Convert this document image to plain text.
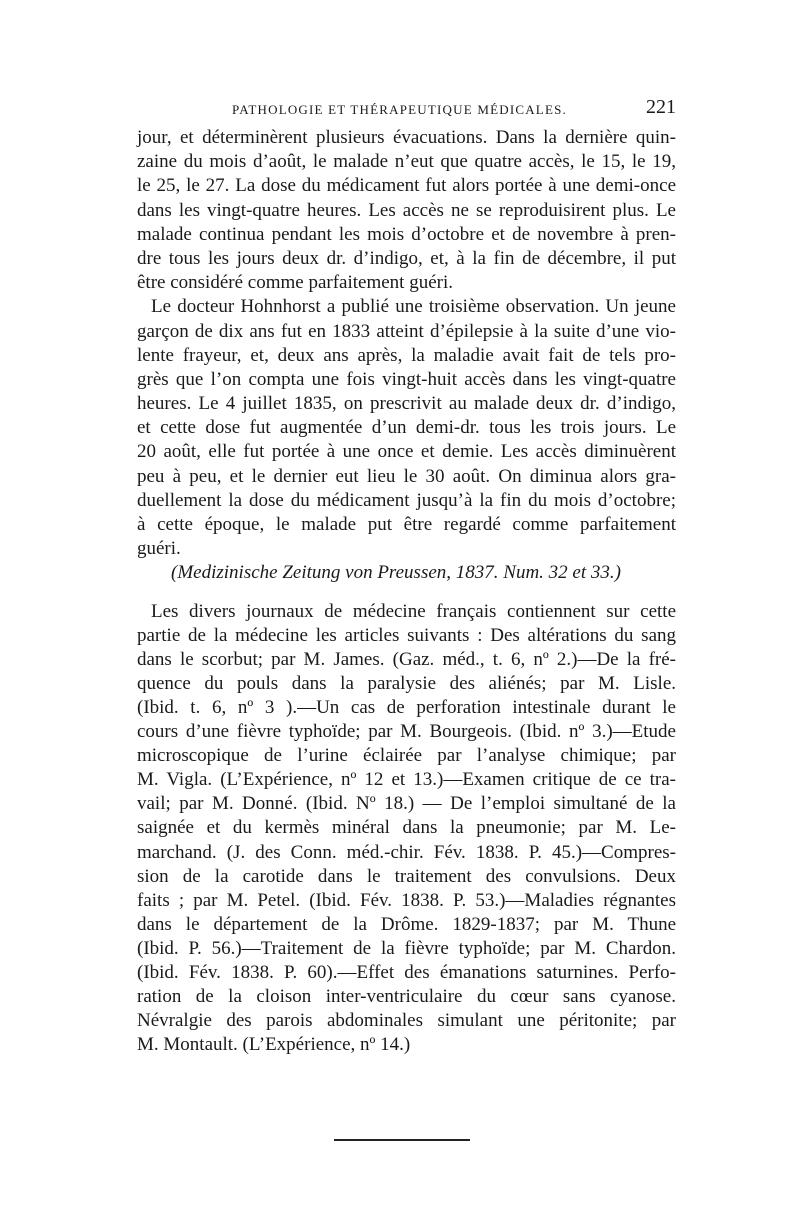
PATHOLOGIE ET THÉRAPEUTIQUE MÉDICALES.	221
jour, et déterminèrent plusieurs évacuations. Dans la dernière quin-
zaine du mois d’août, le malade n’eut que quatre accès, le 15, le 19,
le 25, le 27. La dose du médicament fut alors portée à une demi-once
dans les vingt-quatre heures. Les accès ne se reproduisirent plus. Le
malade continua pendant les mois d’octobre et de novembre à pren-
dre tous les jours deux dr. d’indigo, et, à la fin de décembre, il put
être considéré comme parfaitement guéri.
Le docteur Hohnhorst a publié une troisième observation. Un jeune
garçon de dix ans fut en 1833 atteint d’épilepsie à la suite d’une vio-
lente frayeur, et, deux ans après, la maladie avait fait de tels pro-
grès que l’on compta une fois vingt-huit accès dans les vingt-quatre
heures. Le 4 juillet 1835, on prescrivit au malade deux dr. d’indigo,
et cette dose fut augmentée d’un demi-dr. tous les trois jours. Le
20 août, elle fut portée à une once et demie. Les accès diminuèrent
peu à peu, et le dernier eut lieu le 30 août. On diminua alors gra-
duellement la dose du médicament jusqu’à la fin du mois d’octobre;
à cette époque, le malade put être regardé comme parfaitement
guéri.
(Medizinische Zeitung von Preussen, 1837. Num. 32 et 33.)
Les divers journaux de médecine français contiennent sur cette
partie de la médecine les articles suivants : Des altérations du sang
dans le scorbut; par M. James. (Gaz. méd., t. 6, nº 2.)—De la fré-
quence du pouls dans la paralysie des aliénés; par M. Lisle.
(Ibid. t. 6, nº 3 ).—Un cas de perforation intestinale durant le
cours d’une fièvre typhoïde; par M. Bourgeois. (Ibid. nº 3.)—Etude
microscopique de l’urine éclairée par l’analyse chimique; par
M. Vigla. (L’Expérience, nº 12 et 13.)—Examen critique de ce tra-
vail; par M. Donné. (Ibid. Nº 18.) — De l’emploi simultané de la
saignée et du kermès minéral dans la pneumonie; par M. Le-
marchand. (J. des Conn. méd.-chir. Fév. 1838. P. 45.)—Compres-
sion de la carotide dans le traitement des convulsions. Deux
faits ; par M. Petel. (Ibid. Fév. 1838. P. 53.)—Maladies régnantes
dans le département de la Drôme. 1829-1837; par M. Thune
(Ibid. P. 56.)—Traitement de la fièvre typhoïde; par M. Chardon.
(Ibid. Fév. 1838. P. 60).—Effet des émanations saturnines. Perfo-
ration de la cloison inter-ventriculaire du cœur sans cyanose.
Névralgie des parois abdominales simulant une péritonite; par
M. Montault. (L’Expérience, nº 14.)
